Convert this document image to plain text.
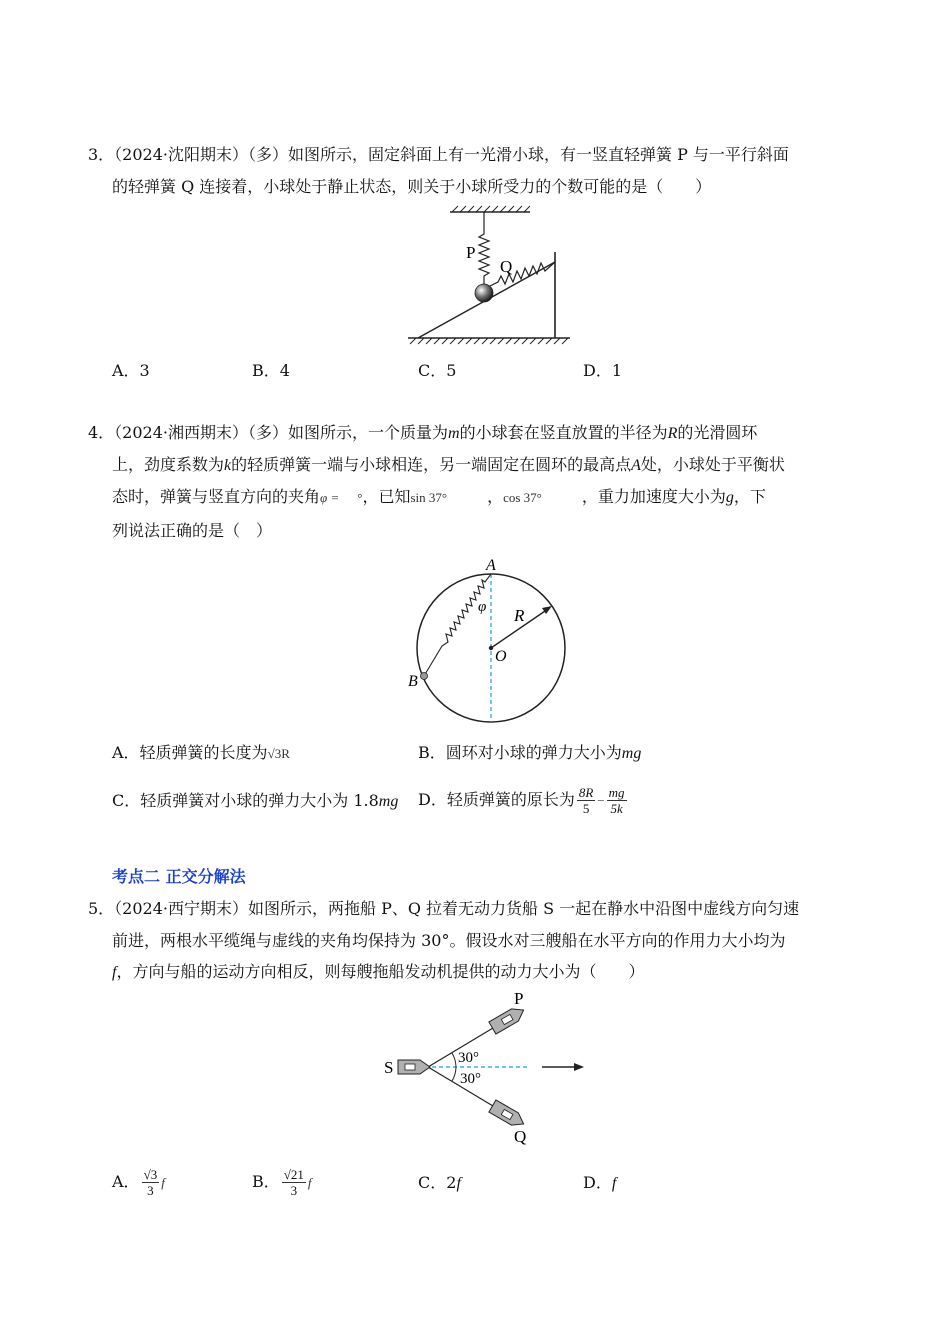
3．（2024·沈阳期末）（多）如图所示，固定斜面上有一光滑小球，有一竖直轻弹簧 P 与一平行斜面
的轻弹簧 Q 连接着，小球处于静止状态，则关于小球所受力的个数可能的是（　　）
P
Q
A．3	B．4	C．5	D．1
4．（2024·湘西期末）（多）如图所示，一个质量为m的小球套在竖直放置的半径为R的光滑圆环
上，劲度系数为k的轻质弹簧一端与小球相连，另一端固定在圆环的最高点A处，小球处于平衡状
态时，弹簧与竖直方向的夹角φ = °，已知sin 37°	，cos 37°	，重力加速度大小为g，下
列说法正确的是（　）
A
B
O
R
φ
A．轻质弹簧的长度为√3R	B．圆环对小球的弹力大小为mg
C．轻质弹簧对小球的弹力大小为 1.8mg D．轻质弹簧的原长为 $\frac{8R}{5} - \frac{mg}{5k}$
考点二 正交分解法
5．（2024·西宁期末）如图所示，两拖船 P、Q 拉着无动力货船 S 一起在静水中沿图中虚线方向匀速
前进，两根水平缆绳与虚线的夹角均保持为 30°。假设水对三艘船在水平方向的作用力大小均为
f，方向与船的运动方向相反，则每艘拖船发动机提供的动力大小为（　　）
30°
30°
S
P
Q
A． $\frac{√3}{3}$ f	B． $\frac{√21}{3}$ f	C．2f	D．f
